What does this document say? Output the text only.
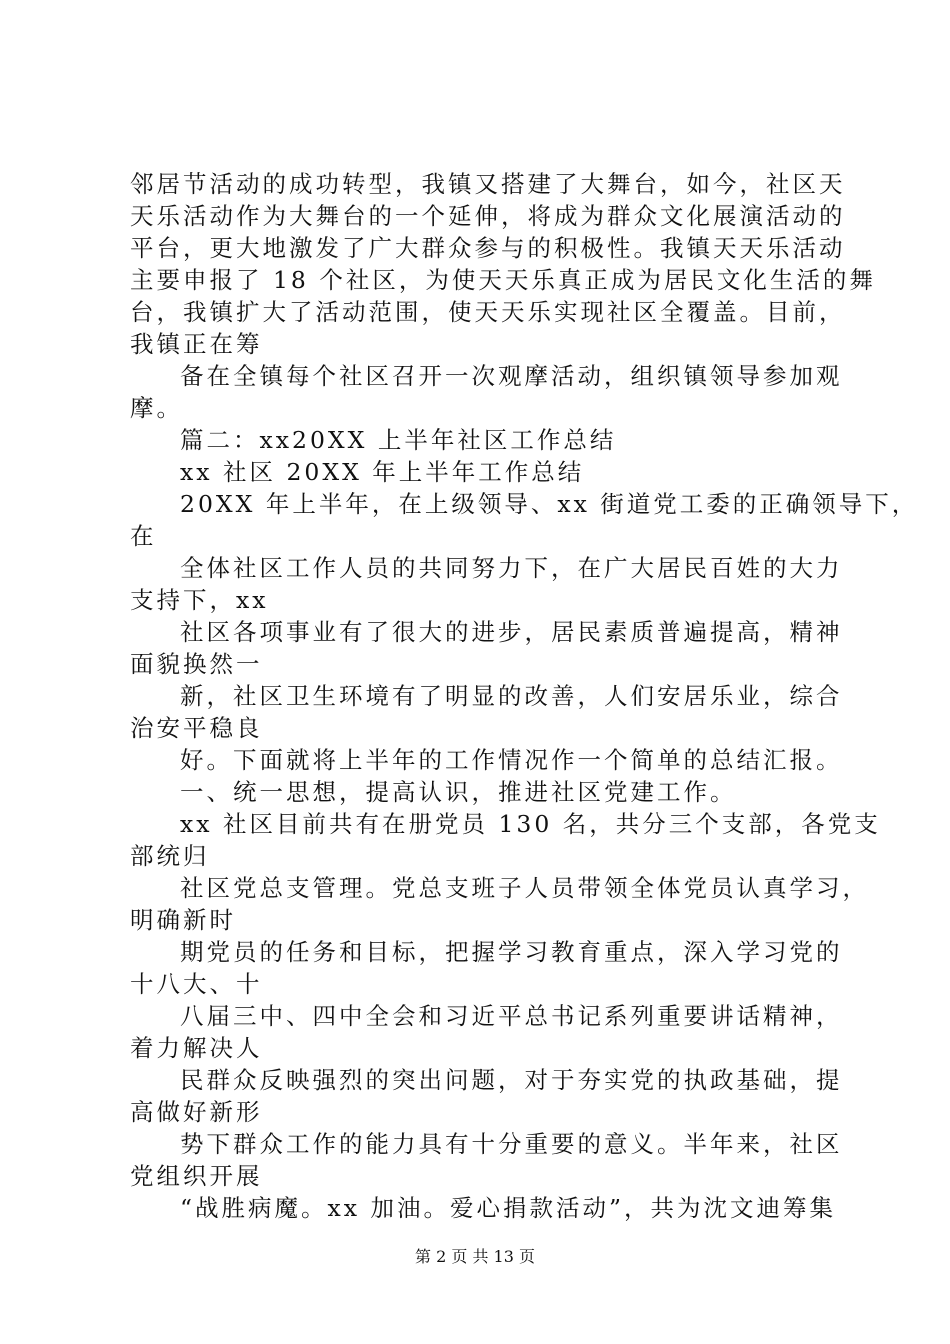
邻居节活动的成功转型，我镇又搭建了大舞台，如今，社区天
天乐活动作为大舞台的一个延伸，将成为群众文化展演活动的
平台，更大地激发了广大群众参与的积极性。我镇天天乐活动
主要申报了 18 个社区，为使天天乐真正成为居民文化生活的舞
台，我镇扩大了活动范围，使天天乐实现社区全覆盖。目前，
我镇正在筹
备在全镇每个社区召开一次观摩活动，组织镇领导参加观
摩。
篇二：xx20XX 上半年社区工作总结
xx 社区 20XX 年上半年工作总结
20XX 年上半年，在上级领导、xx 街道党工委的正确领导下，
在
全体社区工作人员的共同努力下，在广大居民百姓的大力
支持下，xx
社区各项事业有了很大的进步，居民素质普遍提高，精神
面貌换然一
新，社区卫生环境有了明显的改善，人们安居乐业，综合
治安平稳良
好。下面就将上半年的工作情况作一个简单的总结汇报。
一、统一思想，提高认识，推进社区党建工作。
xx 社区目前共有在册党员 130 名，共分三个支部，各党支
部统归
社区党总支管理。党总支班子人员带领全体党员认真学习，
明确新时
期党员的任务和目标，把握学习教育重点，深入学习党的
十八大、十
八届三中、四中全会和习近平总书记系列重要讲话精神，
着力解决人
民群众反映强烈的突出问题，对于夯实党的执政基础，提
高做好新形
势下群众工作的能力具有十分重要的意义。半年来，社区
党组织开展
“战胜病魔。xx 加油。爱心捐款活动”，共为沈文迪筹集
第 2 页 共 13 页
